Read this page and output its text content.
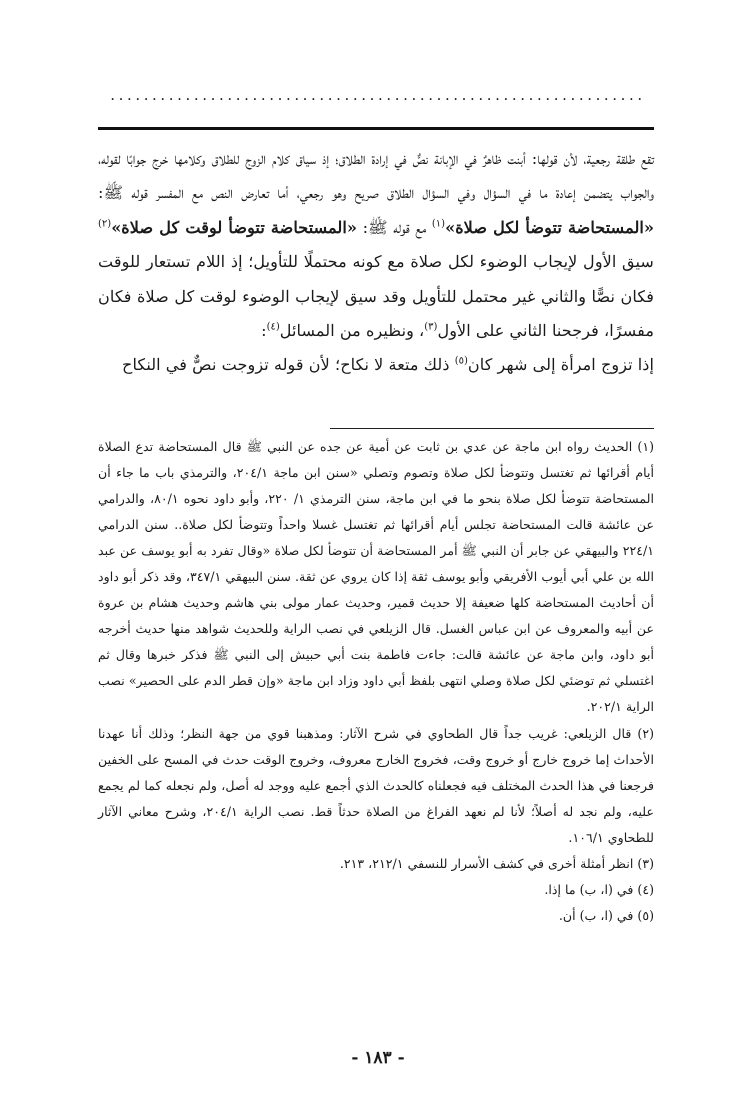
................................................................

تقع طلقة رجعية، لأن قولها: أبنت ظاهرٌ في الإبانة نصٌّ في إرادة الطلاق؛ إذ سياق كلام الزوج للطلاق وكلامها خرج جوابًا لقوله، والجواب يتضمن إعادة ما في السؤال وفي السؤال الطلاق صريح وهو رجعي، أما تعارض النص مع المفسر قوله ﷺ: «المستحاضة تتوضأ لكل صلاة»$^{(١)}$ مع قوله ﷺ: «المستحاضة تتوضأ لوقت كل صلاة»$^{(٢)}$ سيق الأول لإيجاب الوضوء لكل صلاة مع كونه محتملًا للتأويل؛ إذ اللام تستعار للوقت فكان نصًّا والثاني غير محتمل للتأويل وقد سيق لإيجاب الوضوء لوقت كل صلاة فكان مفسرًا، فرجحنا الثاني على الأول$^{(٣)}$، ونظيره من المسائل$^{(٤)}$:

إذا تزوج امرأة إلى شهر كان$^{(٥)}$ ذلك متعة لا نكاح؛ لأن قوله تزوجت نصٌّ في النكاح

(١) الحديث رواه ابن ماجة عن عدي بن ثابت عن أمية عن جده عن النبي ﷺ قال المستحاضة تدع الصلاة أيام أقرائها ثم تغتسل وتتوضأ لكل صلاة وتصوم وتصلي «سنن ابن ماجة ٢٠٤/١، والترمذي باب ما جاء أن المستحاضة تتوضأ لكل صلاة بنحو ما في ابن ماجة، سنن الترمذي ١/ ٢٢٠، وأبو داود نحوه ٨٠/١، والدرامي عن عائشة قالت المستحاضة تجلس أيام أقرائها ثم تغتسل غسلا واحداً وتتوضأ لكل صلاة.. سنن الدرامي ٢٢٤/١ والبيهقي عن جابر أن النبي ﷺ أمر المستحاضة أن تتوضأ لكل صلاة «وقال تفرد به أبو يوسف عن عبد الله بن علي أبي أيوب الأفريقي وأبو يوسف ثقة إذا كان يروي عن ثقة. سنن البيهقي ٣٤٧/١، وقد ذكر أبو داود أن أحاديث المستحاضة كلها ضعيفة إلا حديث قمير، وحديث عمار مولى بني هاشم وحديث هشام بن عروة عن أبيه والمعروف عن ابن عباس الغسل. قال الزيلعي في نصب الراية وللحديث شواهد منها حديث أخرجه أبو داود، وابن ماجة عن عائشة قالت: جاءت فاطمة بنت أبي حبيش إلى النبي ﷺ فذكر خبرها وقال ثم اغتسلي ثم توضئي لكل صلاة وصلي انتهى بلفظ أبي داود وزاد ابن ماجة «وإن قطر الدم على الحصير» نصب الراية ٢٠٢/١.

(٢) قال الزيلعي: غريب جداً قال الطحاوي في شرح الآثار: ومذهبنا قوي من جهة النظر؛ وذلك أنا عهدنا الأحداث إما خروج خارج أو خروج وقت، فخروج الخارج معروف، وخروج الوقت حدث في المسح على الخفين فرجعنا في هذا الحدث المختلف فيه فجعلناه كالحدث الذي أجمع عليه ووجد له أصل، ولم نجعله كما لم يجمع عليه، ولم نجد له أصلاً؛ لأنا لم نعهد الفراغ من الصلاة حدثاً قط. نصب الراية ٢٠٤/١، وشرح معاني الآثار للطحاوي ١٠٦/١.

(٣) انظر أمثلة أخرى في كشف الأسرار للنسفي ٢١٢/١، ٢١٣.

(٤) في (ا، ب) ما إذا.

(٥) في (ا، ب) أن.

- ١٨٣ -
